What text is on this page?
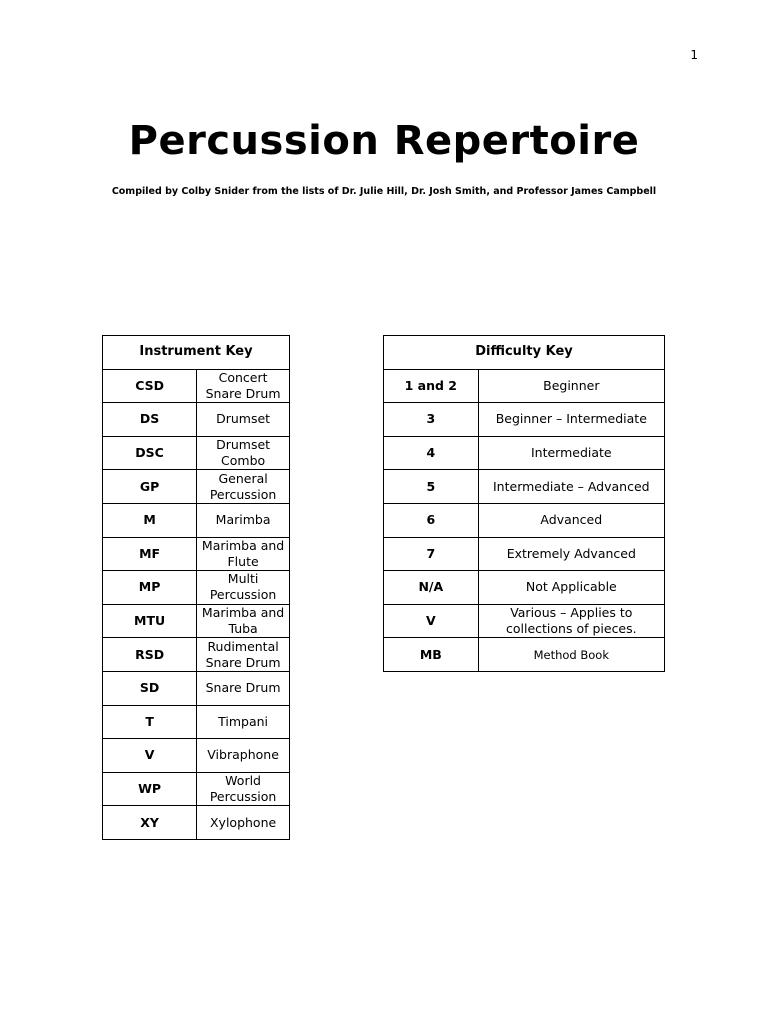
1
Percussion Repertoire

Compiled by Colby Snider from the lists of Dr. Julie Hill, Dr. Josh Smith, and Professor James Campbell

Instrument Key	
CSD	Concert Snare Drum
DS	Drumset
DSC	Drumset Combo
GP	General Percussion
M	Marimba
MF	Marimba and Flute
MP	Multi Percussion
MTU	Marimba and Tuba
RSD	Rudimental Snare Drum
SD	Snare Drum
T	Timpani
V	Vibraphone
WP	World Percussion
XY	Xylophone
Difficulty Key	
1 and 2	Beginner
3	Beginner – Intermediate
4	Intermediate
5	Intermediate – Advanced
6	Advanced
7	Extremely Advanced
N/A	Not Applicable
V	Various – Applies to collections of pieces.
MB	Method Book
